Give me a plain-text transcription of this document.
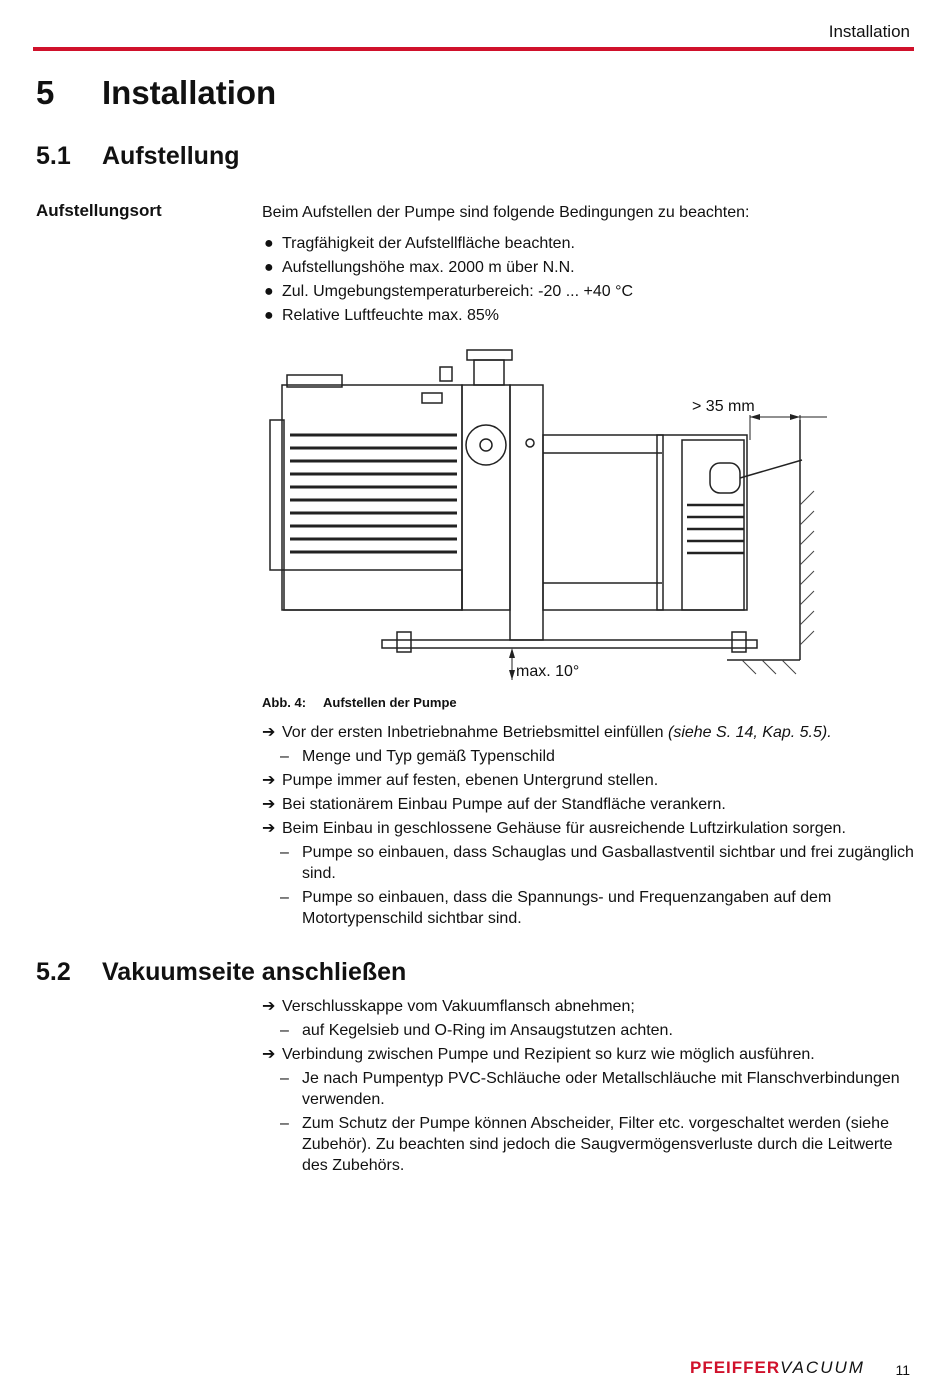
Installation
5 Installation
5.1 Aufstellung
Aufstellungsort	Beim Aufstellen der Pumpe sind folgende Bedingungen zu beachten:
● Tragfähigkeit der Aufstellfläche beachten.
● Aufstellungshöhe max. 2000 m über N.N.
● Zul. Umgebungstemperaturbereich: -20 ... +40 °C
● Relative Luftfeuchte max. 85%
> 35 mm
max. 10°
Abb. 4: Aufstellen der Pumpe
➔ Vor der ersten Inbetriebnahme Betriebsmittel einfüllen (siehe S. 14, Kap. 5.5).
– Menge und Typ gemäß Typenschild
➔ Pumpe immer auf festen, ebenen Untergrund stellen.
➔ Bei stationärem Einbau Pumpe auf der Standfläche verankern.
➔ Beim Einbau in geschlossene Gehäuse für ausreichende Luftzirkulation sorgen.
– Pumpe so einbauen, dass Schauglas und Gasballastventil sichtbar und frei zugänglich sind.
– Pumpe so einbauen, dass die Spannungs- und Frequenzangaben auf dem Motortypenschild sichtbar sind.
5.2 Vakuumseite anschließen
➔ Verschlusskappe vom Vakuumflansch abnehmen;
– auf Kegelsieb und O-Ring im Ansaugstutzen achten.
➔ Verbindung zwischen Pumpe und Rezipient so kurz wie möglich ausführen.
– Je nach Pumpentyp PVC-Schläuche oder Metallschläuche mit Flanschverbindungen verwenden.
– Zum Schutz der Pumpe können Abscheider, Filter etc. vorgeschaltet werden (siehe Zubehör). Zu beachten sind jedoch die Saugvermögensverluste durch die Leitwerte des Zubehörs.
PFEIFFERVACUUM 11
